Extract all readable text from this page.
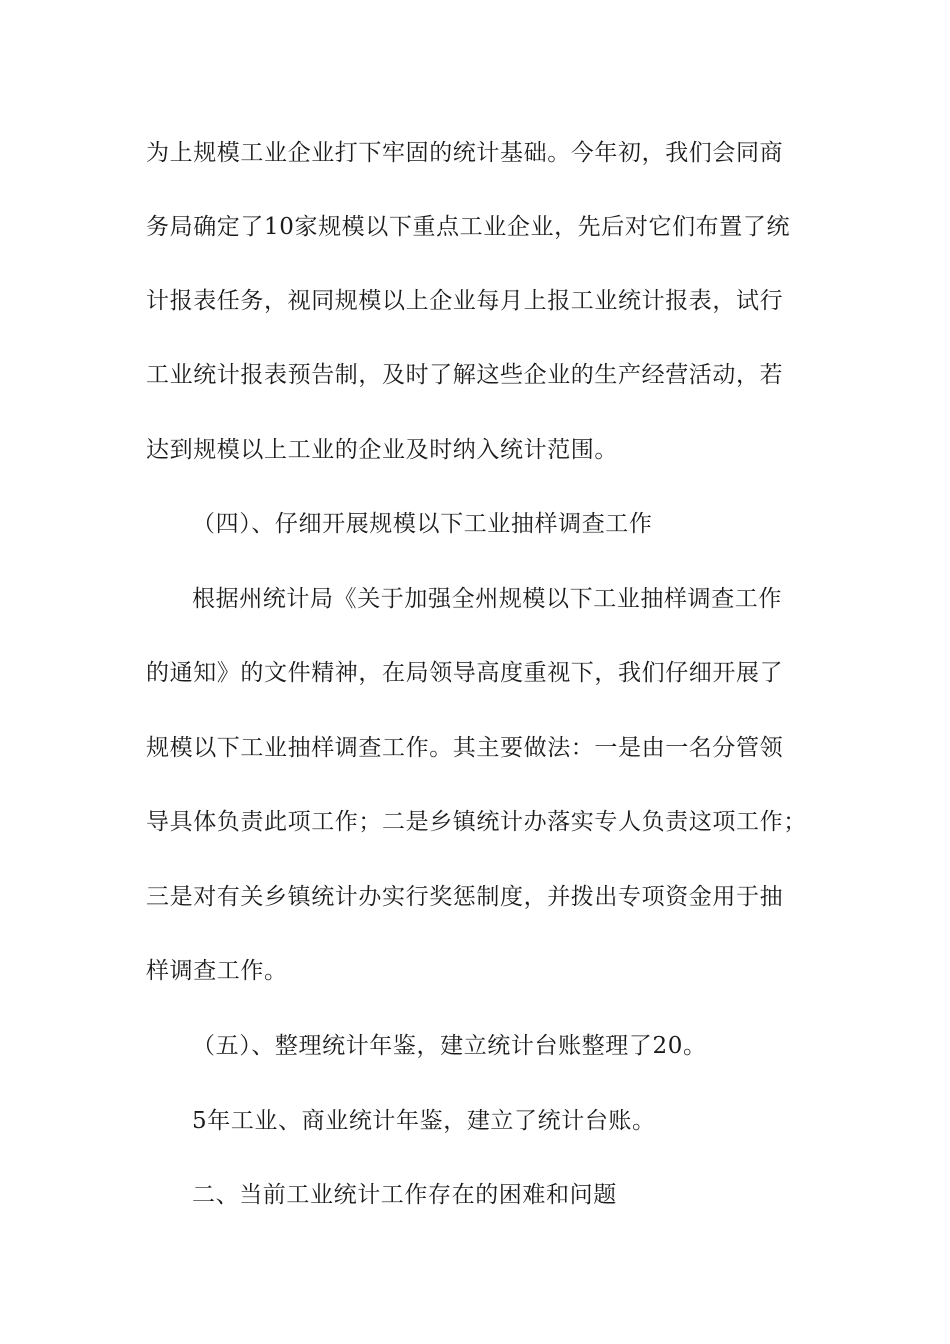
为上规模工业企业打下牢固的统计基础。今年初，我们会同商
务局确定了10家规模以下重点工业企业，先后对它们布置了统
计报表任务，视同规模以上企业每月上报工业统计报表，试行
工业统计报表预告制，及时了解这些企业的生产经营活动，若
达到规模以上工业的企业及时纳入统计范围。
（四）、仔细开展规模以下工业抽样调查工作
根据州统计局《关于加强全州规模以下工业抽样调查工作
的通知》的文件精神，在局领导高度重视下，我们仔细开展了
规模以下工业抽样调查工作。其主要做法：一是由一名分管领
导具体负责此项工作；二是乡镇统计办落实专人负责这项工作；
三是对有关乡镇统计办实行奖惩制度，并拨出专项资金用于抽
样调查工作。
（五）、整理统计年鉴，建立统计台账整理了20。
5年工业、商业统计年鉴，建立了统计台账。
二、当前工业统计工作存在的困难和问题
